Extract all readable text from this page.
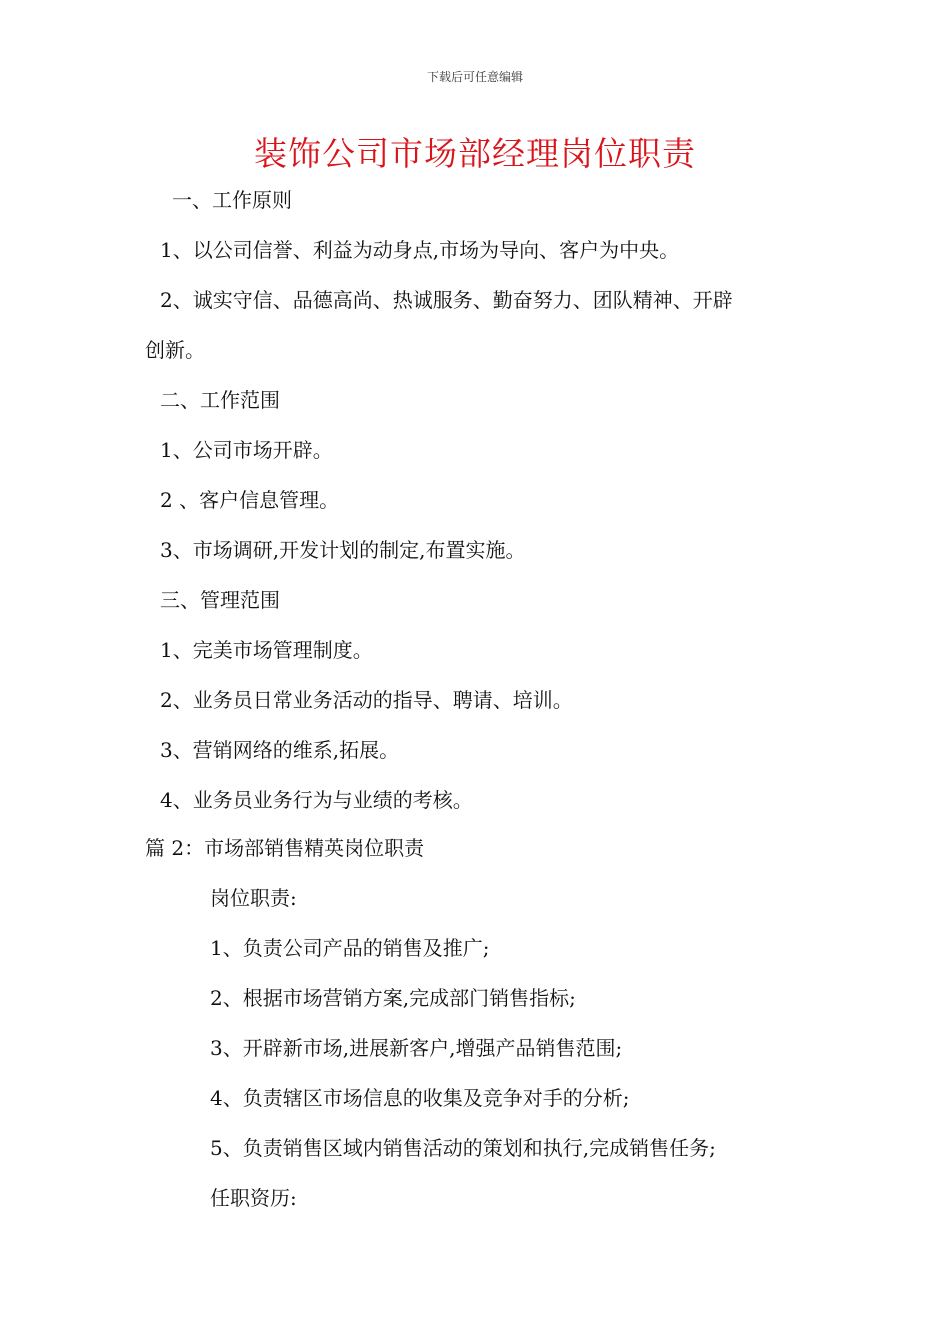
下载后可任意编辑
装饰公司市场部经理岗位职责
一、工作原则
1、以公司信誉、利益为动身点,市场为导向、客户为中央。
2、诚实守信、品德高尚、热诚服务、勤奋努力、团队精神、开辟
创新。
二、工作范围
1、公司市场开辟。
2 、客户信息管理。
3、市场调研,开发计划的制定,布置实施。
三、管理范围
1、完美市场管理制度。
2、业务员日常业务活动的指导、聘请、培训。
3、营销网络的维系,拓展。
4、业务员业务行为与业绩的考核。
篇 2：市场部销售精英岗位职责
岗位职责:
1、负责公司产品的销售及推广;
2、根据市场营销方案,完成部门销售指标;
3、开辟新市场,进展新客户,增强产品销售范围;
4、负责辖区市场信息的收集及竞争对手的分析;
5、负责销售区域内销售活动的策划和执行,完成销售任务;
任职资历:
